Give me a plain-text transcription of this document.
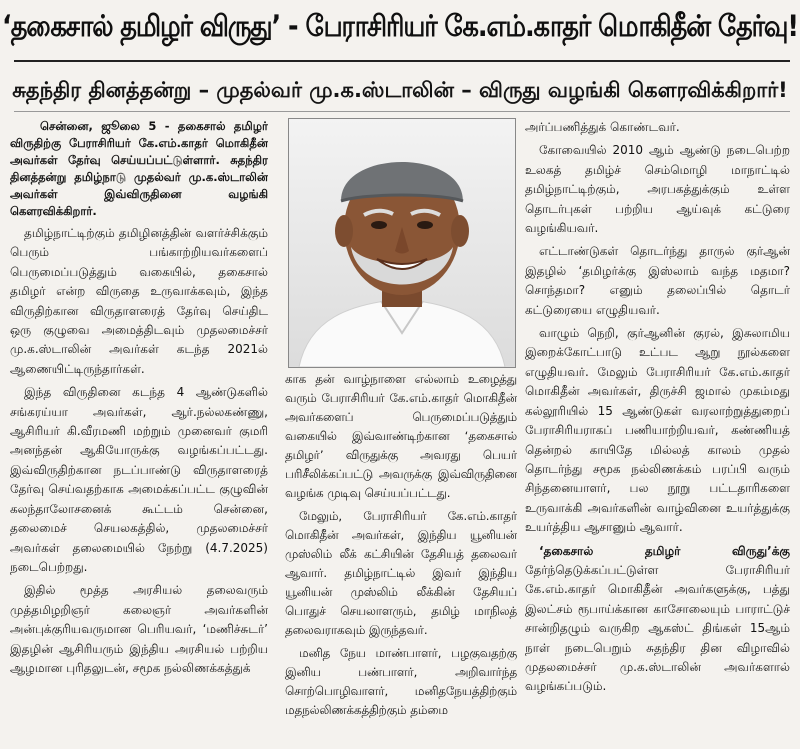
‘தகைசால் தமிழர் விருது’ - பேராசிரியர் கே.எம்.காதர் மொகிதீன் தேர்வு!
சுதந்திர தினத்தன்று – முதல்வர் மு.க.ஸ்டாலின் – விருது வழங்கி கௌரவிக்கிறார்!

சென்னை, ஜூலை 5 - தகைசால் தமிழர் விருதிற்கு பேராசிரியர் கே.எம்.காதர் மொகிதீன் அவர்கள் தேர்வு செய்யப்பட்டுள்ளார். சுதந்திர தினத்தன்று தமிழ்நாடு முதல்வர் மு.க.ஸ்டாலின் அவர்கள் இவ்விருதினை வழங்கி கௌரவிக்கிறார்.

தமிழ்நாட்டிற்கும் தமிழினத்தின் வளர்ச்சிக்கும் பெரும் பங்காற்றியவர்களைப் பெருமைப்படுத்தும் வகையில், தகைசால் தமிழர் என்ற விருதை உருவாக்கவும், இந்த விருதிற்கான விருதாளரைத் தேர்வு செய்திட ஒரு குழுவை அமைத்திடவும் முதலமைச்சர் மு.க.ஸ்டாலின் அவர்கள் கடந்த 2021ல் ஆணையிட்டிருந்தார்கள்.

இந்த விருதினை கடந்த 4 ஆண்டுகளில் சங்கரய்யா அவர்கள், ஆர்.நல்லகண்ணு, ஆசிரியர் கி.வீரமணி மற்றும் முனைவர் குமரி அனந்தன் ஆகியோருக்கு வழங்கப்பட்டது. இவ்விருதிற்கான நடப்பாண்டு விருதாளரைத் தேர்வு செய்வதற்காக அமைக்கப்பட்ட குழுவின் கலந்தாலோசனைக் கூட்டம் சென்னை, தலைமைச் செயலகத்தில், முதலமைச்சர் அவர்கள் தலைமையில் நேற்று (4.7.2025) நடைபெற்றது.

இதில் மூத்த அரசியல் தலைவரும் முத்தமிழறிஞர் கலைஞர் அவர்களின் அன்புக்குரியவருமான பெரியவர், ‘மணிச்சுடர்’ இதழின் ஆசிரியரும் இந்திய அரசியல் பற்றிய ஆழமான புரிதலுடன், சமூக நல்லிணக்கத்துக்

காக தன் வாழ்நாளை எல்லாம் உழைத்து வரும் பேராசிரியர் கே.எம்.காதர் மொகிதீன் அவர்களைப் பெருமைப்படுத்தும் வகையில் இவ்வாண்டிற்கான ‘தகைசால் தமிழர்’ விருதுக்கு அவரது பெயர் பரிசீலிக்கப்பட்டு அவருக்கு இவ்விருதினை வழங்க முடிவு செய்யப்பட்டது.

மேலும், பேராசிரியர் கே.எம்.காதர் மொகிதீன் அவர்கள், இந்திய யூனியன் முஸ்லிம் லீக் கட்சியின் தேசியத் தலைவர் ஆவார். தமிழ்நாட்டில் இவர் இந்திய யூனியன் முஸ்லிம் லீக்கின் தேசியப் பொதுச் செயலாளரும், தமிழ் மாநிலத் தலைவராகவும் இருந்தவர்.

மனித நேய மாண்பாளர், பழகுவதற்கு இனிய பண்பாளர், அறிவார்ந்த சொற்பொழிவாளர், மனிதநேயத்திற்கும் மதநல்லிணக்கத்திற்கும் தம்மை

அர்ப்பணித்துக் கொண்டவர்.

கோவையில் 2010 ஆம் ஆண்டு நடைபெற்ற உலகத் தமிழ்ச் செம்மொழி மாநாட்டில் தமிழ்நாட்டிற்கும், அரபகத்துக்கும் உள்ள தொடர்புகள் பற்றிய ஆய்வுக் கட்டுரை வழங்கியவர்.

எட்டாண்டுகள் தொடர்ந்து தாருல் குர்ஆன் இதழில் ‘தமிழர்க்கு இஸ்லாம் வந்த மதமா? சொந்தமா? எனும் தலைப்பில் தொடர் கட்டுரையை எழுதியவர்.

வாழும் நெறி, குர்ஆனின் குரல், இசுலாமிய இறைக்கோட்பாடு உட்பட ஆறு நூல்களை எழுதியவர். மேலும் பேராசிரியர் கே.எம்.காதர் மொகிதீன் அவர்கள், திருச்சி ஜமால் முகம்மது கல்லூரியில் 15 ஆண்டுகள் வரலாற்றுத்துறைப் பேராசிரியராகப் பணியாற்றியவர், கண்ணியத் தென்றல் காயிதே மில்லத் காலம் முதல் தொடர்ந்து சமூக நல்லிணக்கம் பரப்பி வரும் சிந்தனையாளர், பல நூறு பட்டதாரிகளை உருவாக்கி அவர்களின் வாழ்வினை உயர்த்துக்கு உயர்த்திய ஆசானும் ஆவார்.

‘தகைசால் தமிழர் விருது’க்கு தேர்ந்தெடுக்கப்பட்டுள்ள பேராசிரியர் கே.எம்.காதர் மொகிதீன் அவர்களுக்கு, பத்து இலட்சம் ரூபாய்க்கான காசோலையும் பாராட்டுச் சான்றிதழும் வருகிற ஆகஸ்ட் திங்கள் 15ஆம் நாள் நடைபெறும் சுதந்திர தின விழாவில் முதலமைச்சர் மு.க.ஸ்டாலின் அவர்களால் வழங்கப்படும்.
